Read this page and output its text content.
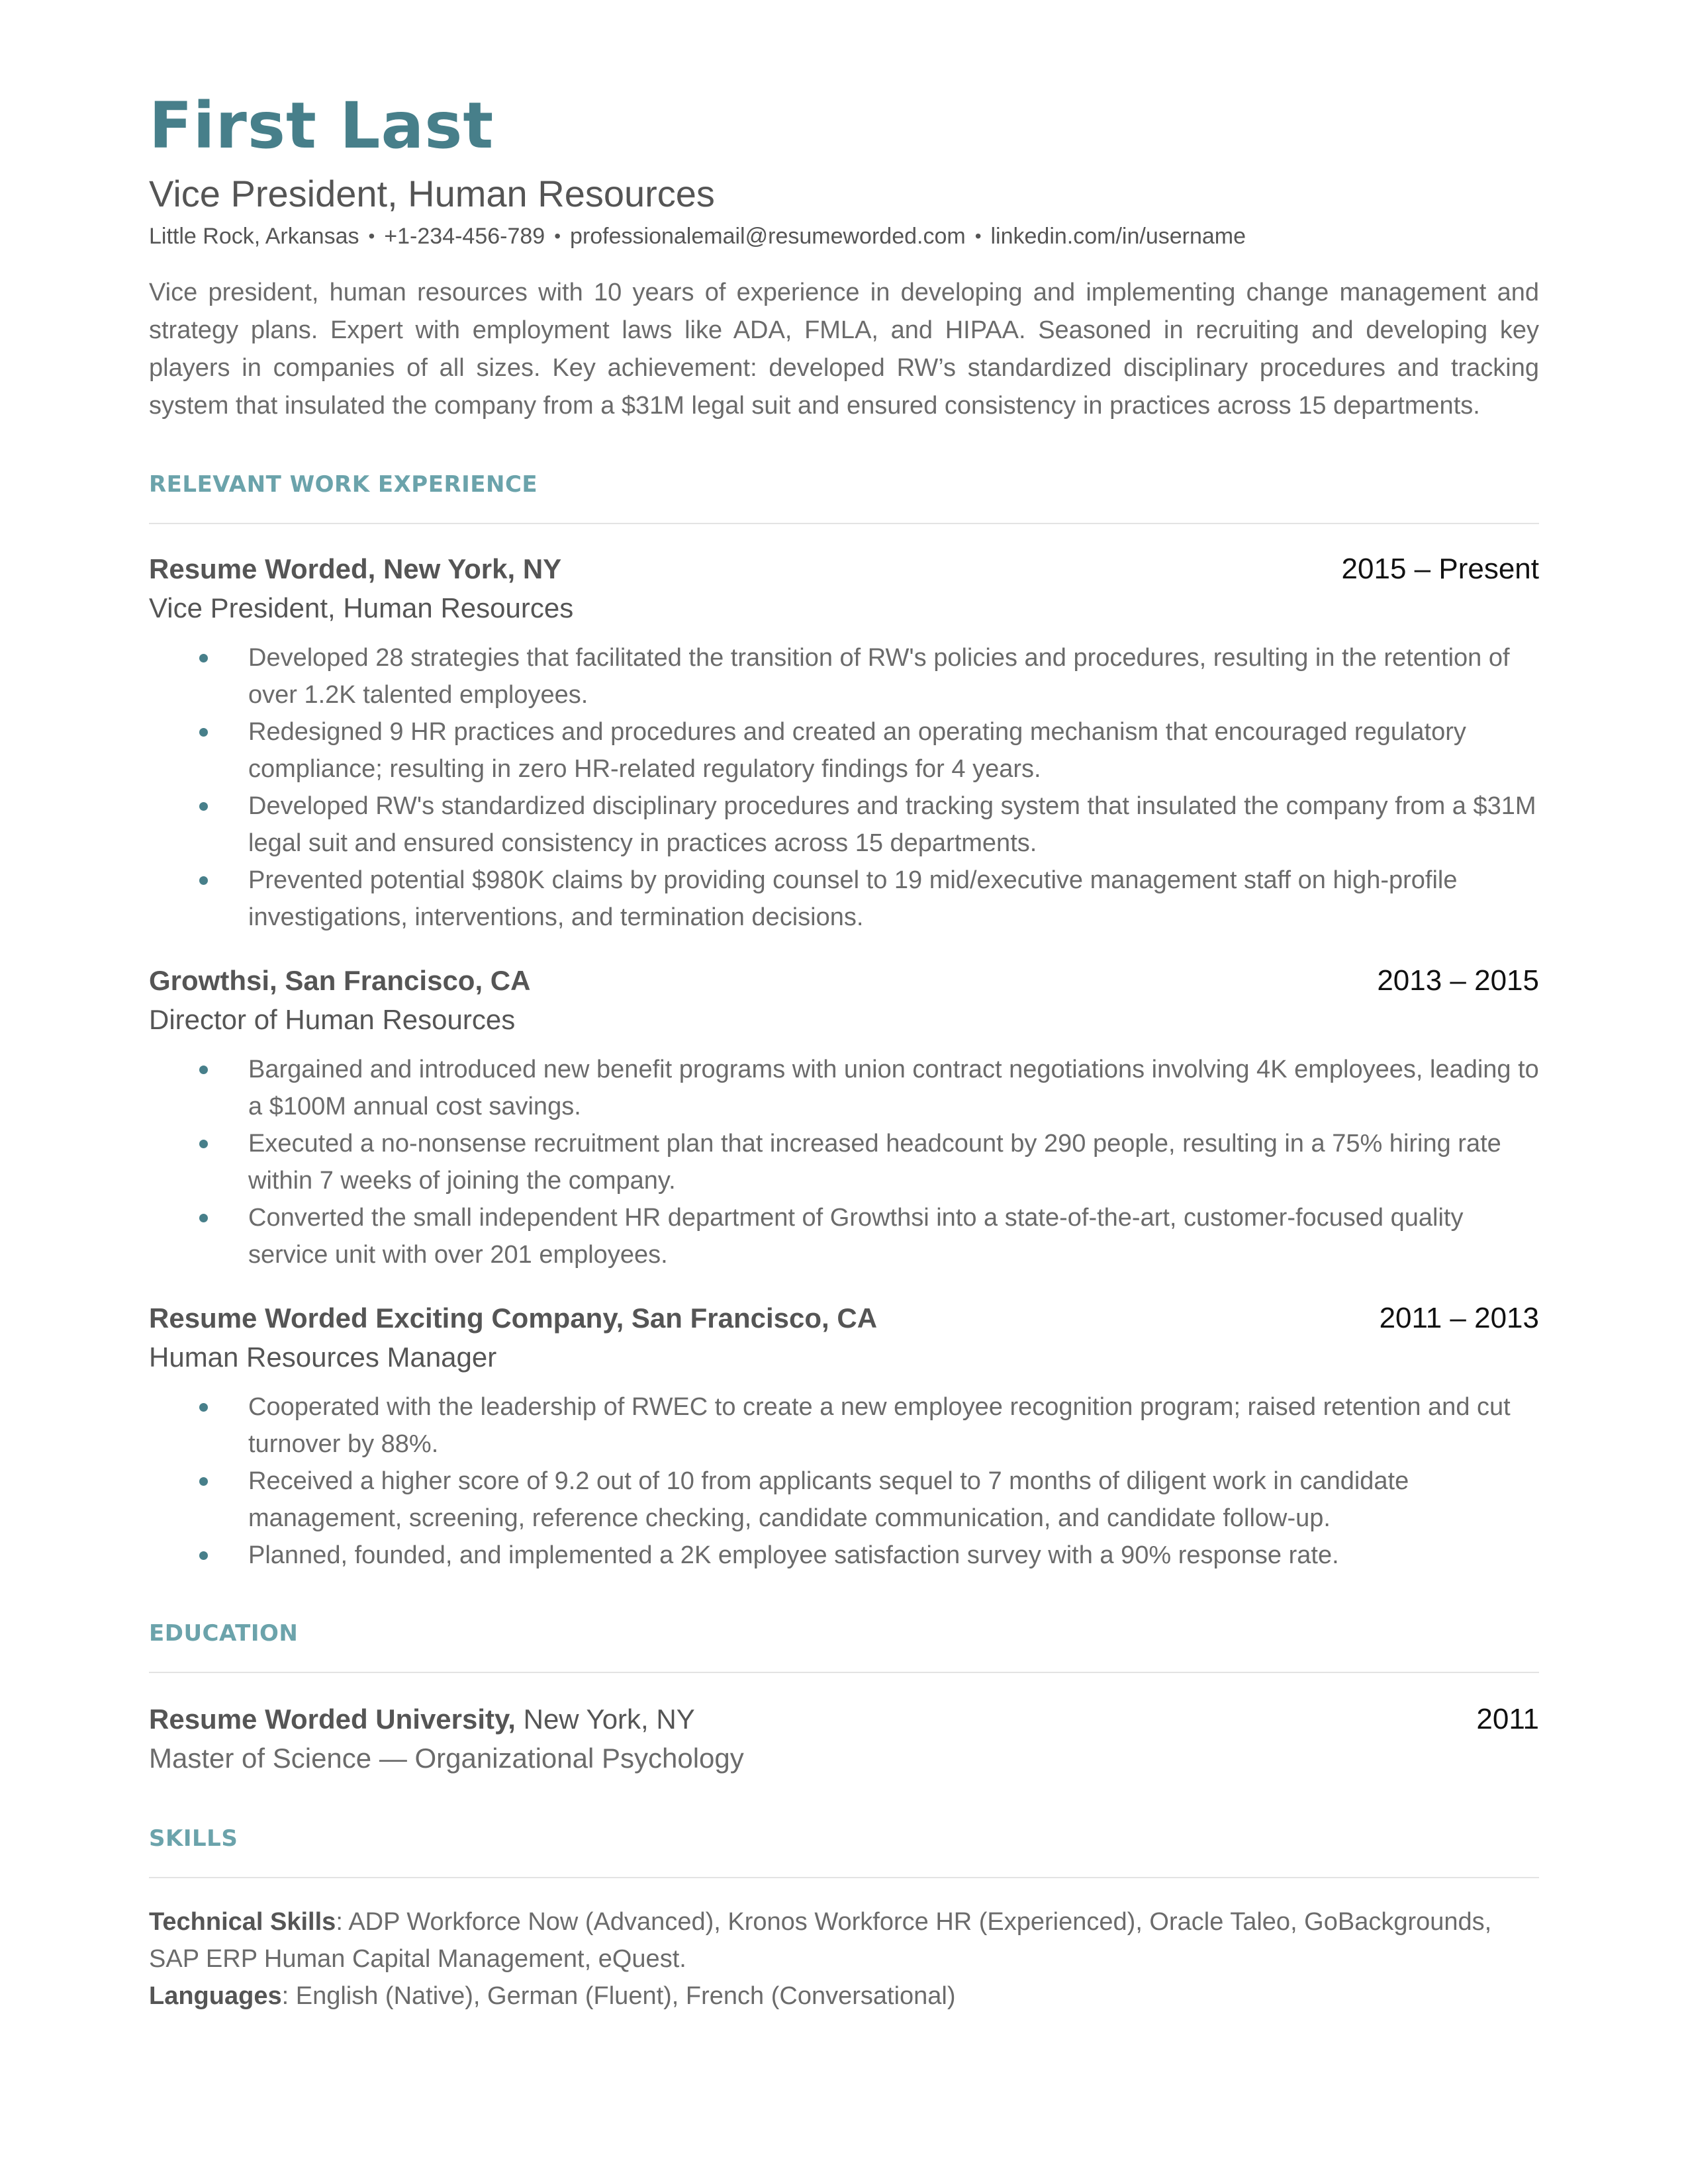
First Last
Vice President, Human Resources
Little Rock, Arkansas • +1-234-456-789 • professionalemail@resumeworded.com • linkedin.com/in/username
Vice president, human resources with 10 years of experience in developing and implementing change management and strategy plans. Expert with employment laws like ADA, FMLA, and HIPAA. Seasoned in recruiting and developing key players in companies of all sizes. Key achievement: developed RW’s standardized disciplinary procedures and tracking system that insulated the company from a $31M legal suit and ensured consistency in practices across 15 departments.
RELEVANT WORK EXPERIENCE
Resume Worded, New York, NY	2015 – Present
Vice President, Human Resources
Developed 28 strategies that facilitated the transition of RW's policies and procedures, resulting in the retention of over 1.2K talented employees.
Redesigned 9 HR practices and procedures and created an operating mechanism that encouraged regulatory compliance; resulting in zero HR-related regulatory findings for 4 years.
Developed RW's standardized disciplinary procedures and tracking system that insulated the company from a $31M legal suit and ensured consistency in practices across 15 departments.
Prevented potential $980K claims by providing counsel to 19 mid/executive management staff on high-profile investigations, interventions, and termination decisions.
Growthsi, San Francisco, CA	2013 – 2015
Director of Human Resources
Bargained and introduced new benefit programs with union contract negotiations involving 4K employees, leading to a $100M annual cost savings.
Executed a no-nonsense recruitment plan that increased headcount by 290 people, resulting in a 75% hiring rate within 7 weeks of joining the company.
Converted the small independent HR department of Growthsi into a state-of-the-art, customer-focused quality service unit with over 201 employees.
Resume Worded Exciting Company, San Francisco, CA	2011 – 2013
Human Resources Manager
Cooperated with the leadership of RWEC to create a new employee recognition program; raised retention and cut turnover by 88%.
Received a higher score of 9.2 out of 10 from applicants sequel to 7 months of diligent work in candidate management, screening, reference checking, candidate communication, and candidate follow-up.
Planned, founded, and implemented a 2K employee satisfaction survey with a 90% response rate.
EDUCATION
Resume Worded University, New York, NY	2011
Master of Science — Organizational Psychology
SKILLS
Technical Skills: ADP Workforce Now (Advanced), Kronos Workforce HR (Experienced), Oracle Taleo, GoBackgrounds, SAP ERP Human Capital Management, eQuest.
Languages: English (Native), German (Fluent), French (Conversational)
